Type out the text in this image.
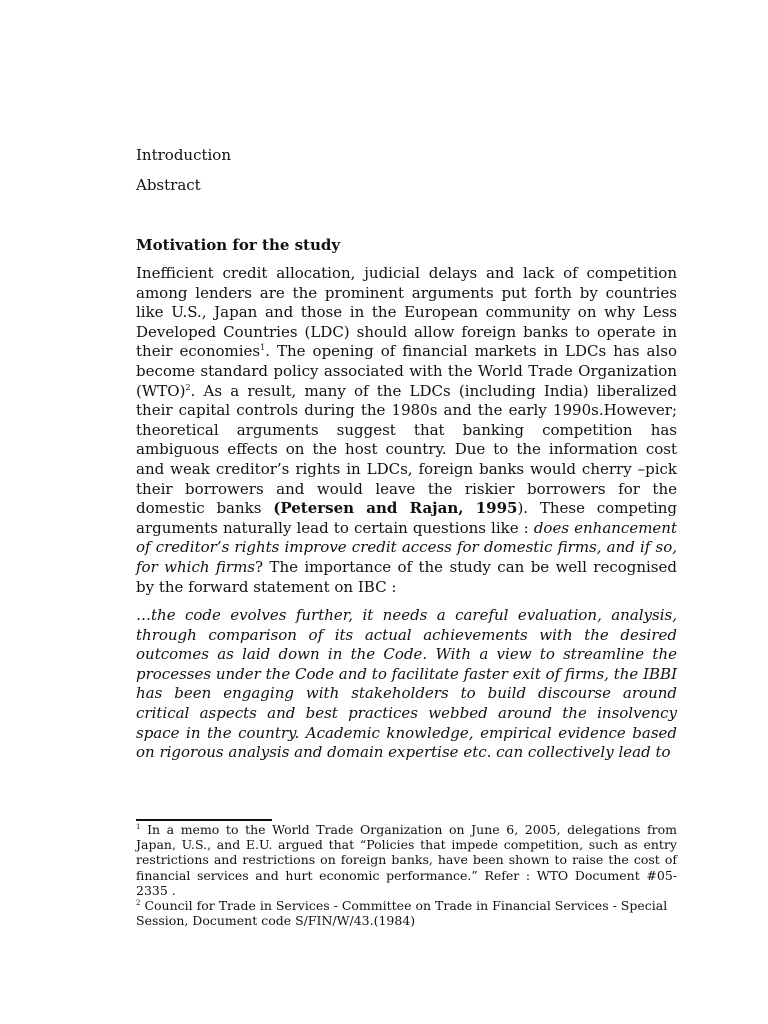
Introduction
Abstract
Motivation for the study

Inefficient credit allocation, judicial delays and lack of competition among lenders are the prominent arguments put forth by countries like U.S., Japan and those in the European community on why Less Developed Countries (LDC) should allow foreign banks to operate in their economies$^1$. The opening of financial markets in LDCs has also become standard policy associated with the World Trade Organization (WTO)$^2$. As a result, many of the LDCs (including India) liberalized their capital controls during the 1980s and the early 1990s.However; theoretical arguments suggest that banking competition has ambiguous effects on the host country. Due to the information cost and weak creditor’s rights in LDCs, foreign banks would cherry –pick their borrowers and would leave the riskier borrowers for the domestic banks (Petersen and Rajan, 1995). These competing arguments naturally lead to certain questions like : does enhancement of creditor’s rights improve credit access for domestic firms, and if so, for which firms? The importance of the study can be well recognised by the forward statement on IBC :

…the code evolves further, it needs a careful evaluation, analysis, through comparison of its actual achievements with the desired outcomes as laid down in the Code. With a view to streamline the processes under the Code and to facilitate faster exit of firms, the IBBI has been engaging with stakeholders to build discourse around critical aspects and best practices webbed around the insolvency space in the country. Academic knowledge, empirical evidence based on rigorous analysis and domain expertise etc. can collectively lead to

$^1$ In a memo to the World Trade Organization on June 6, 2005, delegations from Japan, U.S., and E.U. argued that “Policies that impede competition, such as entry restrictions and restrictions on foreign banks, have been shown to raise the cost of financial services and hurt economic performance.” Refer : WTO Document #05-2335 .

$^2$ Council for Trade in Services - Committee on Trade in Financial Services - Special Session, Document code S/FIN/W/43.(1984)
